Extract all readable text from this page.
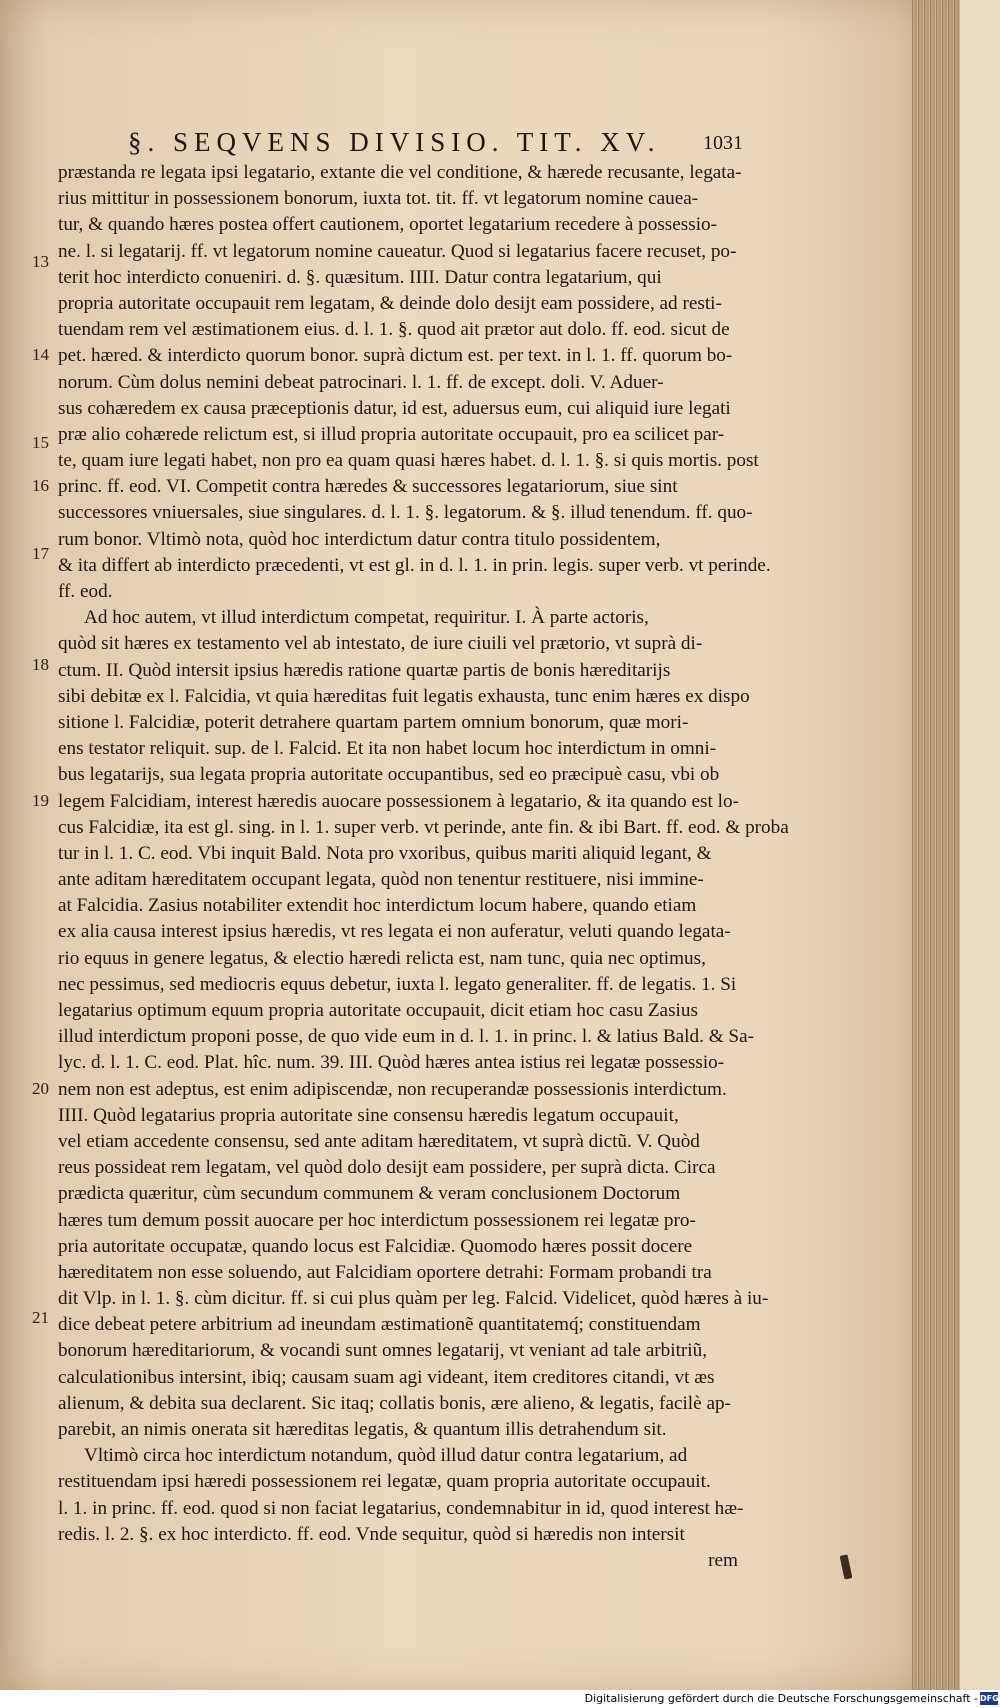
§. SEQVENS DIVISIO. TIT. XV.	1031
13
14
15
16
17
18
19
20
21
præstanda re legata ipsi legatario, extante die vel conditione, & hærede recusante, legata-
rius mittitur in possessionem bonorum, iuxta tot. tit. ff. vt legatorum nomine cauea-
tur, & quando hæres postea offert cautionem, oportet legatarium recedere à possessio-
ne. l. si legatarij. ff. vt legatorum nomine caueatur. Quod si legatarius facere recuset, po-
terit hoc interdicto conueniri. d. §. quæsitum. IIII. Datur contra legatarium, qui
propria autoritate occupauit rem legatam, & deinde dolo desijt eam possidere, ad resti-
tuendam rem vel æstimationem eius. d. l. 1. §. quod ait prætor aut dolo. ff. eod. sicut de
pet. hæred. & interdicto quorum bonor. suprà dictum est. per text. in l. 1. ff. quorum bo-
norum. Cùm dolus nemini debeat patrocinari. l. 1. ff. de except. doli. V. Aduer-
sus cohæredem ex causa præceptionis datur, id est, aduersus eum, cui aliquid iure legati
præ alio cohærede relictum est, si illud propria autoritate occupauit, pro ea scilicet par-
te, quam iure legati habet, non pro ea quam quasi hæres habet. d. l. 1. §. si quis mortis. post
princ. ff. eod. VI. Competit contra hæredes & successores legatariorum, siue sint
successores vniuersales, siue singulares. d. l. 1. §. legatorum. & §. illud tenendum. ff. quo-
rum bonor. Vltimò nota, quòd hoc interdictum datur contra titulo possidentem,
& ita differt ab interdicto præcedenti, vt est gl. in d. l. 1. in prin. legis. super verb. vt perinde.
ff. eod.
Ad hoc autem, vt illud interdictum competat, requiritur. I. À parte actoris,
quòd sit hæres ex testamento vel ab intestato, de iure ciuili vel prætorio, vt suprà di-
ctum. II. Quòd intersit ipsius hæredis ratione quartæ partis de bonis hæreditarijs
sibi debitæ ex l. Falcidia, vt quia hæreditas fuit legatis exhausta, tunc enim hæres ex dispo
sitione l. Falcidiæ, poterit detrahere quartam partem omnium bonorum, quæ mori-
ens testator reliquit. sup. de l. Falcid. Et ita non habet locum hoc interdictum in omni-
bus legatarijs, sua legata propria autoritate occupantibus, sed eo præcipuè casu, vbi ob
legem Falcidiam, interest hæredis auocare possessionem à legatario, & ita quando est lo-
cus Falcidiæ, ita est gl. sing. in l. 1. super verb. vt perinde, ante fin. & ibi Bart. ff. eod. & proba
tur in l. 1. C. eod. Vbi inquit Bald. Nota pro vxoribus, quibus mariti aliquid legant, &
ante aditam hæreditatem occupant legata, quòd non tenentur restituere, nisi immine-
at Falcidia. Zasius notabiliter extendit hoc interdictum locum habere, quando etiam
ex alia causa interest ipsius hæredis, vt res legata ei non auferatur, veluti quando legata-
rio equus in genere legatus, & electio hæredi relicta est, nam tunc, quia nec optimus,
nec pessimus, sed mediocris equus debetur, iuxta l. legato generaliter. ff. de legatis. 1. Si
legatarius optimum equum propria autoritate occupauit, dicit etiam hoc casu Zasius
illud interdictum proponi posse, de quo vide eum in d. l. 1. in princ. l. & latius Bald. & Sa-
lyc. d. l. 1. C. eod. Plat. hîc. num. 39. III. Quòd hæres antea istius rei legatæ possessio-
nem non est adeptus, est enim adipiscendæ, non recuperandæ possessionis interdictum.
IIII. Quòd legatarius propria autoritate sine consensu hæredis legatum occupauit,
vel etiam accedente consensu, sed ante aditam hæreditatem, vt suprà dictũ. V. Quòd
reus possideat rem legatam, vel quòd dolo desijt eam possidere, per suprà dicta. Circa
prædicta quæritur, cùm secundum communem & veram conclusionem Doctorum
hæres tum demum possit auocare per hoc interdictum possessionem rei legatæ pro-
pria autoritate occupatæ, quando locus est Falcidiæ. Quomodo hæres possit docere
hæreditatem non esse soluendo, aut Falcidiam oportere detrahi: Formam probandi tra
dit Vlp. in l. 1. §. cùm dicitur. ff. si cui plus quàm per leg. Falcid. Videlicet, quòd hæres à iu-
dice debeat petere arbitrium ad ineundam æstimationẽ quantitatemq́; constituendam
bonorum hæreditariorum, & vocandi sunt omnes legatarij, vt veniant ad tale arbitriũ,
calculationibus intersint, ibiq; causam suam agi videant, item creditores citandi, vt æs
alienum, & debita sua declarent. Sic itaq; collatis bonis, ære alieno, & legatis, facilè ap-
parebit, an nimis onerata sit hæreditas legatis, & quantum illis detrahendum sit.
Vltimò circa hoc interdictum notandum, quòd illud datur contra legatarium, ad
restituendam ipsi hæredi possessionem rei legatæ, quam propria autoritate occupauit.
l. 1. in princ. ff. eod. quod si non faciat legatarius, condemnabitur in id, quod interest hæ-
redis. l. 2. §. ex hoc interdicto. ff. eod. Vnde sequitur, quòd si hæredis non intersit
rem
Digitalisierung gefördert durch die Deutsche Forschungsgemeinschaft - DFG
